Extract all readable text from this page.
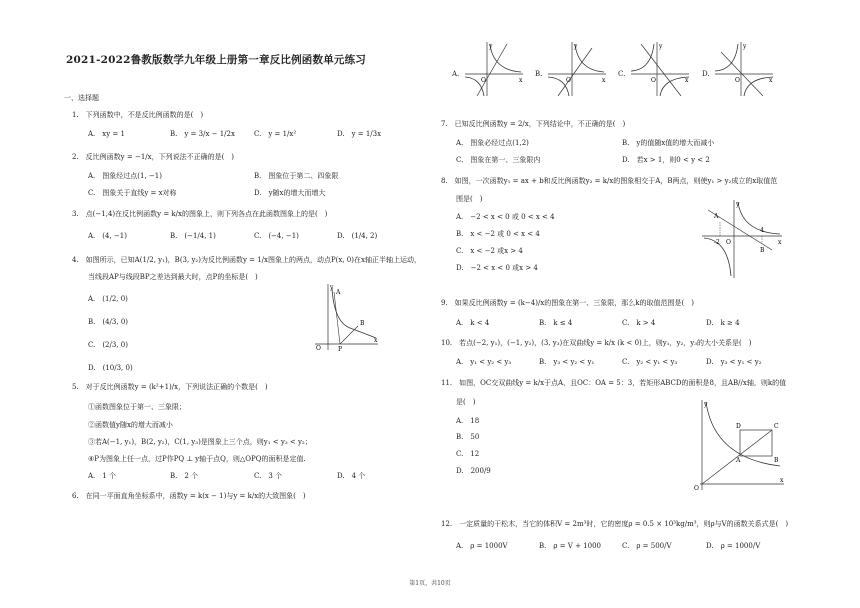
2021-2022鲁教版数学九年级上册第一章反比例函数单元练习
一、选择题
1.　下列函数中，不是反比例函数的是(　)
A.　xy = 1	B.　y = 3/x − 1/2x	C.　y = 1/x²	D.　y = 1/3x
2.　反比例函数y = −1/x，下列说法不正确的是(　)
A.　图象经过点(1, −1)	B.　图象位于第二、四象限
C.　图象关于直线y = x对称	D.　y随x的增大而增大
3.　点(−1,4)在反比例函数y = k/x的图象上，则下列各点在此函数图象上的是(　)
A.　(4, −1)	B.　(−1/4, 1)	C.　(−4, −1)	D.　(1/4, 2)
4.　如图所示，已知A(1/2, y₁)，B(3, y₂)为反比例函数y = 1/x图象上的两点，动点P(x, 0)在x轴正半轴上运动，
当线段AP与线段BP之差达到最大时，点P的坐标是(　)
A.　(1/2, 0)
B.　(4/3, 0)
C.　(2/3, 0)
D.　(10/3, 0)
y
A
B
O	P
x
5.　对于反比例函数y = (k²+1)/x，下列说法正确的个数是(　)
①函数图象位于第一、三象限；
②函数值y随x的增大而减小
③若A(−1, y₁)，B(2, y₂)，C(1, y₃)是图象上三个点，则y₁ < y₃ < y₂；
④P为图象上任一点，过P作PQ ⊥ y轴于点Q，则△OPQ的面积是定值.
A.　1 个	B.　2 个	C.　3 个	D.　4 个
6.　在同一平面直角坐标系中，函数y = k(x − 1)与y = k/x的大致图象(　)
A.
y
O	x
B.
y
O	x
C.
y
O	x
D.
y
O	x
7.　已知反比例函数y = 2/x，下列结论中，不正确的是(　)
A.　图象必经过点(1,2)	B.　y的值随x值的增大而减小
C.　图象在第一、三象限内	D.　若x > 1，则0 < y < 2
8.　如图，一次函数y₁ = ax + b和反比例函数y₂ = k/x的图象相交于A，B两点，则使y₁ > y₂成立的x取值范
围是(　)
A.　−2 < x < 0 或 0 < x < 4
B.　x < −2 或 0 < x < 4
C.　x < −2 或x > 4
D.　−2 < x < 0 或x > 4
A
y
-2 O
4
x
B
9.　如果反比例函数y = (k−4)/x的图象在第一、三象限，那么k的取值范围是(　)
A.　k < 4	B.　k ≤ 4	C.　k > 4	D.　k ≥ 4
10.　若点(−2, y₁)，(−1, y₂)，(3, y₃)在双曲线y = k/x (k < 0)上，则y₁，y₂，y₃的大小关系是(　)
A.　y₁ < y₂ < y₃	B.　y₃ < y₂ < y₁	C.　y₂ < y₁ < y₃	D.　y₃ < y₁ < y₂
11.　如图，OC交双曲线y = k/x于点A，且OC：OA = 5：3，若矩形ABCD的面积是8，且AB//x轴，则k的值
是(　)
A.　18
B.　50
C.　12
D.　200/9
y
D	C
A	B
O
x
12.　一定质量的干松木，当它的体积V = 2m³时，它的密度ρ = 0.5 × 10³kg/m³，则ρ与V的函数关系式是(　)
A.　ρ = 1000V	B.　ρ = V + 1000	C.　ρ = 500/V	D.　ρ = 1000/V
第1页，共10页
